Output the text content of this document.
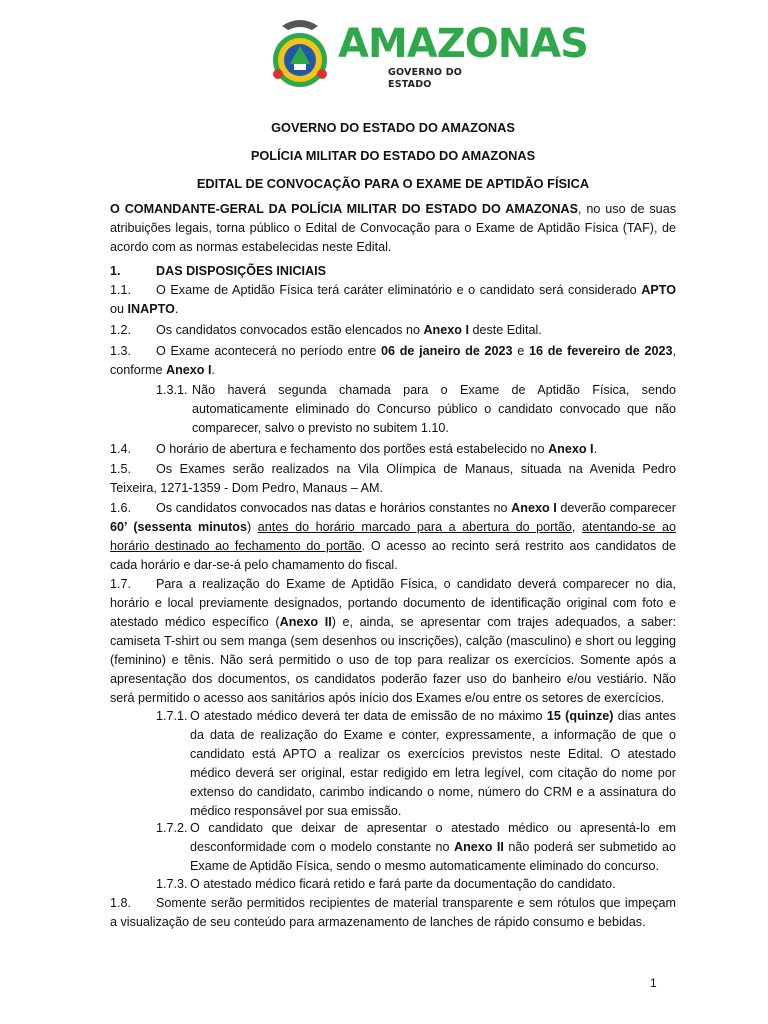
AMAZONAS
GOVERNO DO ESTADO
GOVERNO DO ESTADO DO AMAZONAS
POLÍCIA MILITAR DO ESTADO DO AMAZONAS
EDITAL DE CONVOCAÇÃO PARA O EXAME DE APTIDÃO FÍSICA
O COMANDANTE-GERAL DA POLÍCIA MILITAR DO ESTADO DO AMAZONAS, no uso de suas atribuições legais, torna público o Edital de Convocação para o Exame de Aptidão Física (TAF), de acordo com as normas estabelecidas neste Edital.
1.	DAS DISPOSIÇÕES INICIAIS
1.1. O Exame de Aptidão Física terá caráter eliminatório e o candidato será considerado APTO ou INAPTO.
1.2. Os candidatos convocados estão elencados no Anexo I deste Edital.
1.3. O Exame acontecerá no período entre 06 de janeiro de 2023 e 16 de fevereiro de 2023, conforme Anexo I.
1.3.1. Não haverá segunda chamada para o Exame de Aptidão Física, sendo automaticamente eliminado do Concurso público o candidato convocado que não comparecer, salvo o previsto no subitem 1.10.
1.4. O horário de abertura e fechamento dos portões está estabelecido no Anexo I.
1.5. Os Exames serão realizados na Vila Olímpica de Manaus, situada na Avenida Pedro Teixeira, 1271-1359 - Dom Pedro, Manaus – AM.
1.6. Os candidatos convocados nas datas e horários constantes no Anexo I deverão comparecer 60’ (sessenta minutos) antes do horário marcado para a abertura do portão, atentando-se ao horário destinado ao fechamento do portão. O acesso ao recinto será restrito aos candidatos de cada horário e dar-se-á pelo chamamento do fiscal.
1.7. Para a realização do Exame de Aptidão Física, o candidato deverá comparecer no dia, horário e local previamente designados, portando documento de identificação original com foto e atestado médico específico (Anexo II) e, ainda, se apresentar com trajes adequados, a saber: camiseta T-shirt ou sem manga (sem desenhos ou inscrições), calção (masculino) e short ou legging (feminino) e tênis. Não será permitido o uso de top para realizar os exercícios. Somente após a apresentação dos documentos, os candidatos poderão fazer uso do banheiro e/ou vestiário. Não será permitido o acesso aos sanitários após início dos Exames e/ou entre os setores de exercícios.
1.7.1. O atestado médico deverá ter data de emissão de no máximo 15 (quinze) dias antes da data de realização do Exame e conter, expressamente, a informação de que o candidato está APTO a realizar os exercícios previstos neste Edital. O atestado médico deverá ser original, estar redigido em letra legível, com citação do nome por extenso do candidato, carimbo indicando o nome, número do CRM e a assinatura do médico responsável por sua emissão.
1.7.2. O candidato que deixar de apresentar o atestado médico ou apresentá-lo em desconformidade com o modelo constante no Anexo II não poderá ser submetido ao Exame de Aptidão Física, sendo o mesmo automaticamente eliminado do concurso.
1.7.3. O atestado médico ficará retido e fará parte da documentação do candidato.
1.8. Somente serão permitidos recipientes de material transparente e sem rótulos que impeçam a visualização de seu conteúdo para armazenamento de lanches de rápido consumo e bebidas.
1
